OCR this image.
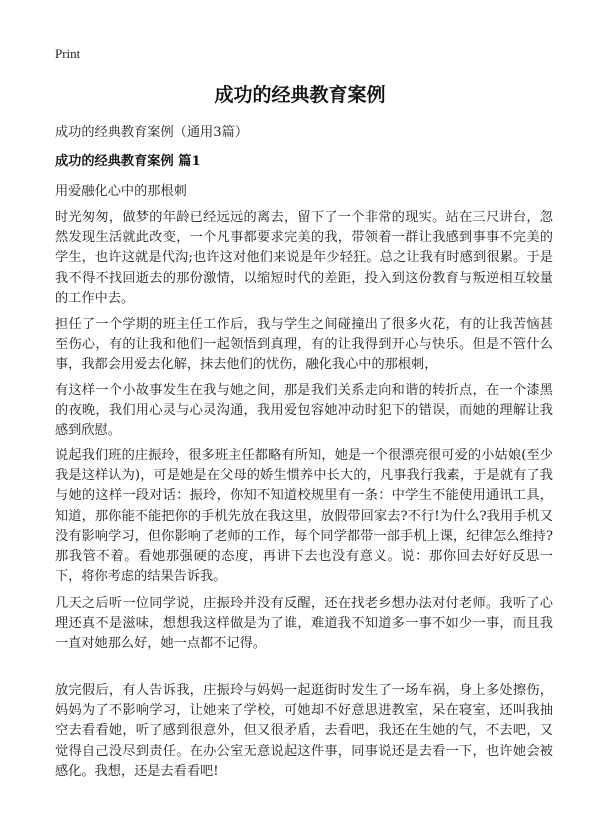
Print
成功的经典教育案例
成功的经典教育案例（通用3篇）
成功的经典教育案例 篇1
用爱融化心中的那根刺

时光匆匆，做梦的年龄已经远远的离去，留下了一个非常的现实。站在三尺讲台，忽然发现生活就此改变，一个凡事都要求完美的我，带领着一群让我感到事事不完美的学生，也许这就是代沟;也许这对他们来说是年少轻狂。总之让我有时感到很累。于是我不得不找回逝去的那份激情，以缩短时代的差距，投入到这份教育与叛逆相互较量的工作中去。

担任了一个学期的班主任工作后，我与学生之间碰撞出了很多火花，有的让我苦恼甚至伤心，有的让我和他们一起领悟到真理，有的让我得到开心与快乐。但是不管什么事，我都会用爱去化解，抹去他们的忧伤，融化我心中的那根刺，

有这样一个小故事发生在我与她之间，那是我们关系走向和谐的转折点，在一个漆黑的夜晚，我们用心灵与心灵沟通，我用爱包容她冲动时犯下的错误，而她的理解让我感到欣慰。

说起我们班的庄振玲，很多班主任都略有所知，她是一个很漂亮很可爱的小姑娘(至少我是这样认为)，可是她是在父母的娇生惯养中长大的，凡事我行我素，于是就有了我与她的这样一段对话：振玲，你知不知道校规里有一条：中学生不能使用通讯工具，知道，那你能不能把你的手机先放在我这里，放假带回家去?不行!为什么?我用手机又没有影响学习，但你影响了老师的工作，每个同学都带一部手机上课，纪律怎么维持?那我管不着。看她那强硬的态度，再讲下去也没有意义。说：那你回去好好反思一下，将你考虑的结果告诉我。

几天之后听一位同学说，庄振玲并没有反醒，还在找老乡想办法对付老师。我听了心理还真不是滋味，想想我这样做是为了谁，难道我不知道多一事不如少一事，而且我一直对她那么好，她一点都不记得。

放完假后，有人告诉我，庄振玲与妈妈一起逛街时发生了一场车祸，身上多处擦伤，妈妈为了不影响学习，让她来了学校，可她却不好意思进教室，呆在寝室，还叫我抽空去看看她，听了感到很意外，但又很矛盾，去看吧，我还在生她的气，不去吧，又觉得自己没尽到责任。在办公室无意说起这件事，同事说还是去看一下，也许她会被感化。我想，还是去看看吧!
